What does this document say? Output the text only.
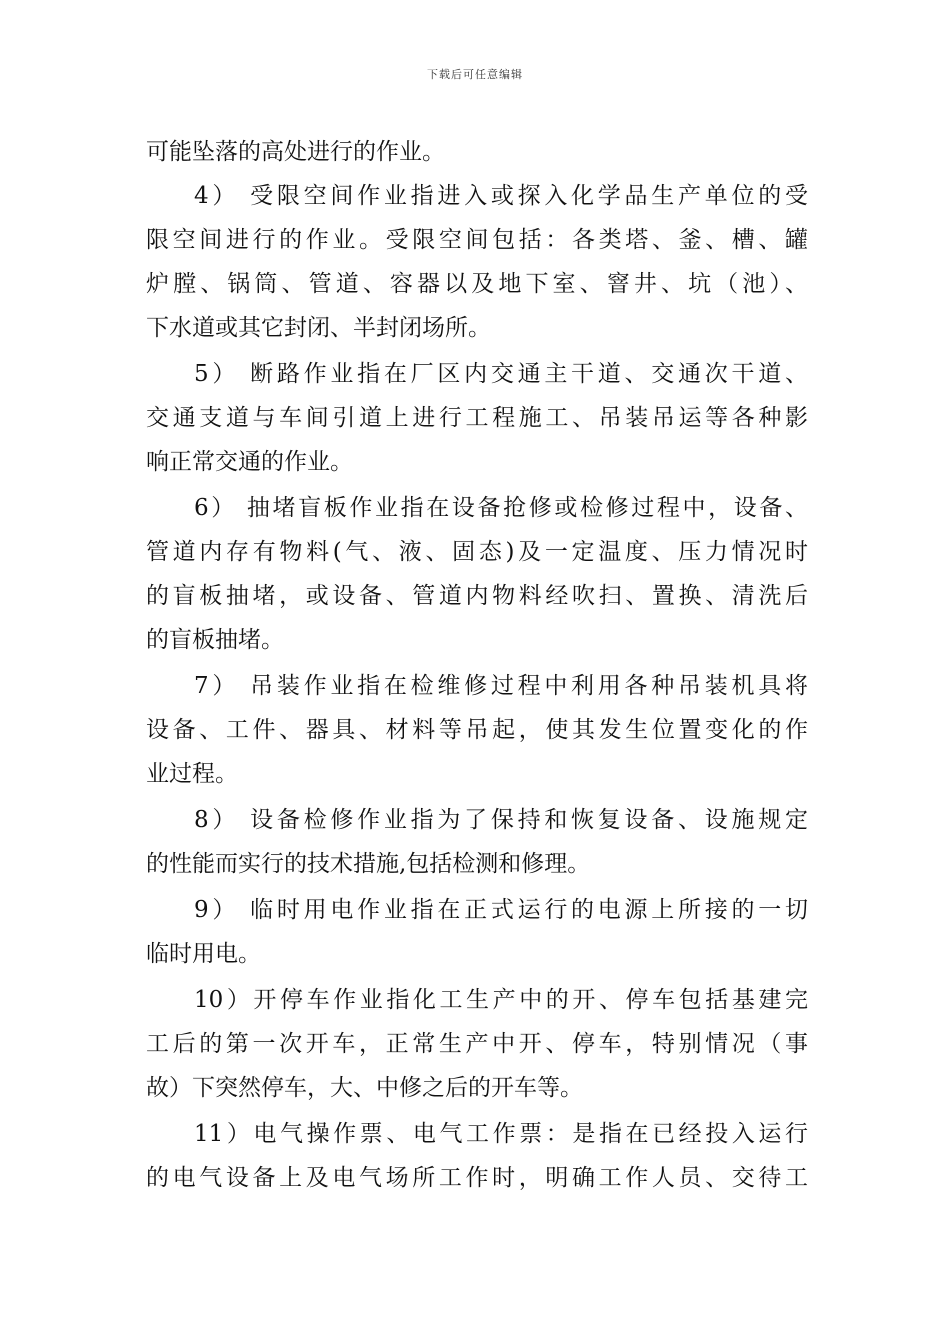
下载后可任意编辑
可能坠落的高处进行的作业。
4） 受限空间作业指进入或探入化学品生产单位的受
限空间进行的作业。受限空间包括：各类塔、釜、槽、罐
炉膛、锅筒、管道、容器以及地下室、窨井、坑（池）、
下水道或其它封闭、半封闭场所。
5） 断路作业指在厂区内交通主干道、交通次干道、
交通支道与车间引道上进行工程施工、吊装吊运等各种影
响正常交通的作业。
6） 抽堵盲板作业指在设备抢修或检修过程中，设备、
管道内存有物料(气、液、固态)及一定温度、压力情况时
的盲板抽堵，或设备、管道内物料经吹扫、置换、清洗后
的盲板抽堵。
7） 吊装作业指在检维修过程中利用各种吊装机具将
设备、工件、器具、材料等吊起，使其发生位置变化的作
业过程。
8） 设备检修作业指为了保持和恢复设备、设施规定
的性能而实行的技术措施,包括检测和修理。
9） 临时用电作业指在正式运行的电源上所接的一切
临时用电。
10）开停车作业指化工生产中的开、停车包括基建完
工后的第一次开车，正常生产中开、停车，特别情况（事
故）下突然停车，大、中修之后的开车等。
11）电气操作票、电气工作票：是指在已经投入运行
的电气设备上及电气场所工作时，明确工作人员、交待工
